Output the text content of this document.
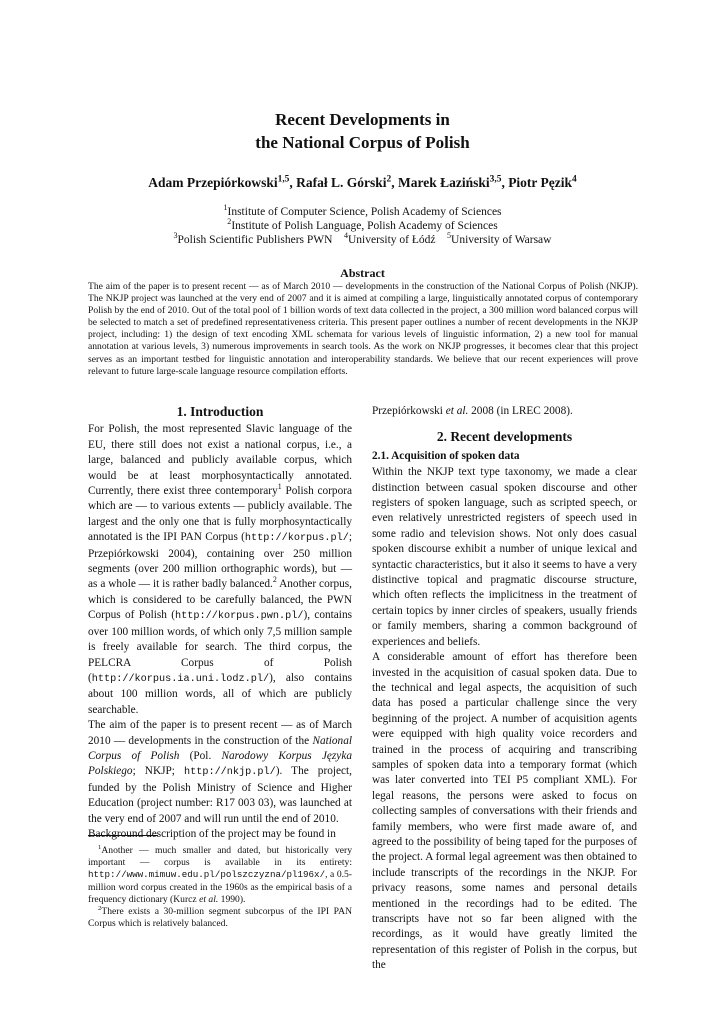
Recent Developments in
the National Corpus of Polish
Adam Przepiórkowski$^{1,5}$, Rafał L. Górski$^2$, Marek Łaziński$^{3,5}$, Piotr Pęzik$^4$
$^1$Institute of Computer Science, Polish Academy of Sciences
$^2$Institute of Polish Language, Polish Academy of Sciences
$^3$Polish Scientific Publishers PWN $^4$University of Łódź $^5$University of Warsaw
Abstract
The aim of the paper is to present recent — as of March 2010 — developments in the construction of the National Corpus of Polish (NKJP). The NKJP project was launched at the very end of 2007 and it is aimed at compiling a large, linguistically annotated corpus of contemporary Polish by the end of 2010. Out of the total pool of 1 billion words of text data collected in the project, a 300 million word balanced corpus will be selected to match a set of predefined representativeness criteria. This present paper outlines a number of recent developments in the NKJP project, including: 1) the design of text encoding XML schemata for various levels of linguistic information, 2) a new tool for manual annotation at various levels, 3) numerous improvements in search tools. As the work on NKJP progresses, it becomes clear that this project serves as an important testbed for linguistic annotation and interoperability standards. We believe that our recent experiences will prove relevant to future large-scale language resource compilation efforts.
1. Introduction

For Polish, the most represented Slavic language of the EU, there still does not exist a national corpus, i.e., a large, balanced and publicly available corpus, which would be at least morphosyntactically annotated. Currently, there exist three contemporary$^1$ Polish corpora which are — to various extents — publicly available. The largest and the only one that is fully morphosyntactically annotated is the IPI PAN Corpus (http://korpus.pl/; Przepiórkowski 2004), containing over 250 million segments (over 200 million orthographic words), but — as a whole — it is rather badly balanced.$^2$ Another corpus, which is considered to be carefully balanced, the PWN Corpus of Polish (http://korpus.pwn.pl/), contains over 100 million words, of which only 7,5 million sample is freely available for search. The third corpus, the PELCRA Corpus of Polish (http://korpus.ia.uni.lodz.pl/), also contains about 100 million words, all of which are publicly searchable.

The aim of the paper is to present recent — as of March 2010 — developments in the construction of the National Corpus of Polish (Pol. Narodowy Korpus Języka Polskiego; NKJP; http://nkjp.pl/). The project, funded by the Polish Ministry of Science and Higher Education (project number: R17 003 03), was launched at the very end of 2007 and will run until the end of 2010.

Background description of the project may be found in

$^1$Another — much smaller and dated, but historically very important — corpus is available in its entirety: http://www.mimuw.edu.pl/polszczyzna/pl196x/, a 0.5-million word corpus created in the 1960s as the empirical basis of a frequency dictionary (Kurcz et al. 1990).

$^2$There exists a 30-million segment subcorpus of the IPI PAN Corpus which is relatively balanced.

Przepiórkowski et al. 2008 (in LREC 2008).

2. Recent developments
2.1. Acquisition of spoken data

Within the NKJP text type taxonomy, we made a clear distinction between casual spoken discourse and other registers of spoken language, such as scripted speech, or even relatively unrestricted registers of speech used in some radio and television shows. Not only does casual spoken discourse exhibit a number of unique lexical and syntactic characteristics, but it also it seems to have a very distinctive topical and pragmatic discourse structure, which often reflects the implicitness in the treatment of certain topics by inner circles of speakers, usually friends or family members, sharing a common background of experiences and beliefs.

A considerable amount of effort has therefore been invested in the acquisition of casual spoken data. Due to the technical and legal aspects, the acquisition of such data has posed a particular challenge since the very beginning of the project. A number of acquisition agents were equipped with high quality voice recorders and trained in the process of acquiring and transcribing samples of spoken data into a temporary format (which was later converted into TEI P5 compliant XML). For legal reasons, the persons were asked to focus on collecting samples of conversations with their friends and family members, who were first made aware of, and agreed to the possibility of being taped for the purposes of the project. A formal legal agreement was then obtained to include transcripts of the recordings in the NKJP. For privacy reasons, some names and personal details mentioned in the recordings had to be edited. The transcripts have not so far been aligned with the recordings, as it would have greatly limited the representation of this register of Polish in the corpus, but the
